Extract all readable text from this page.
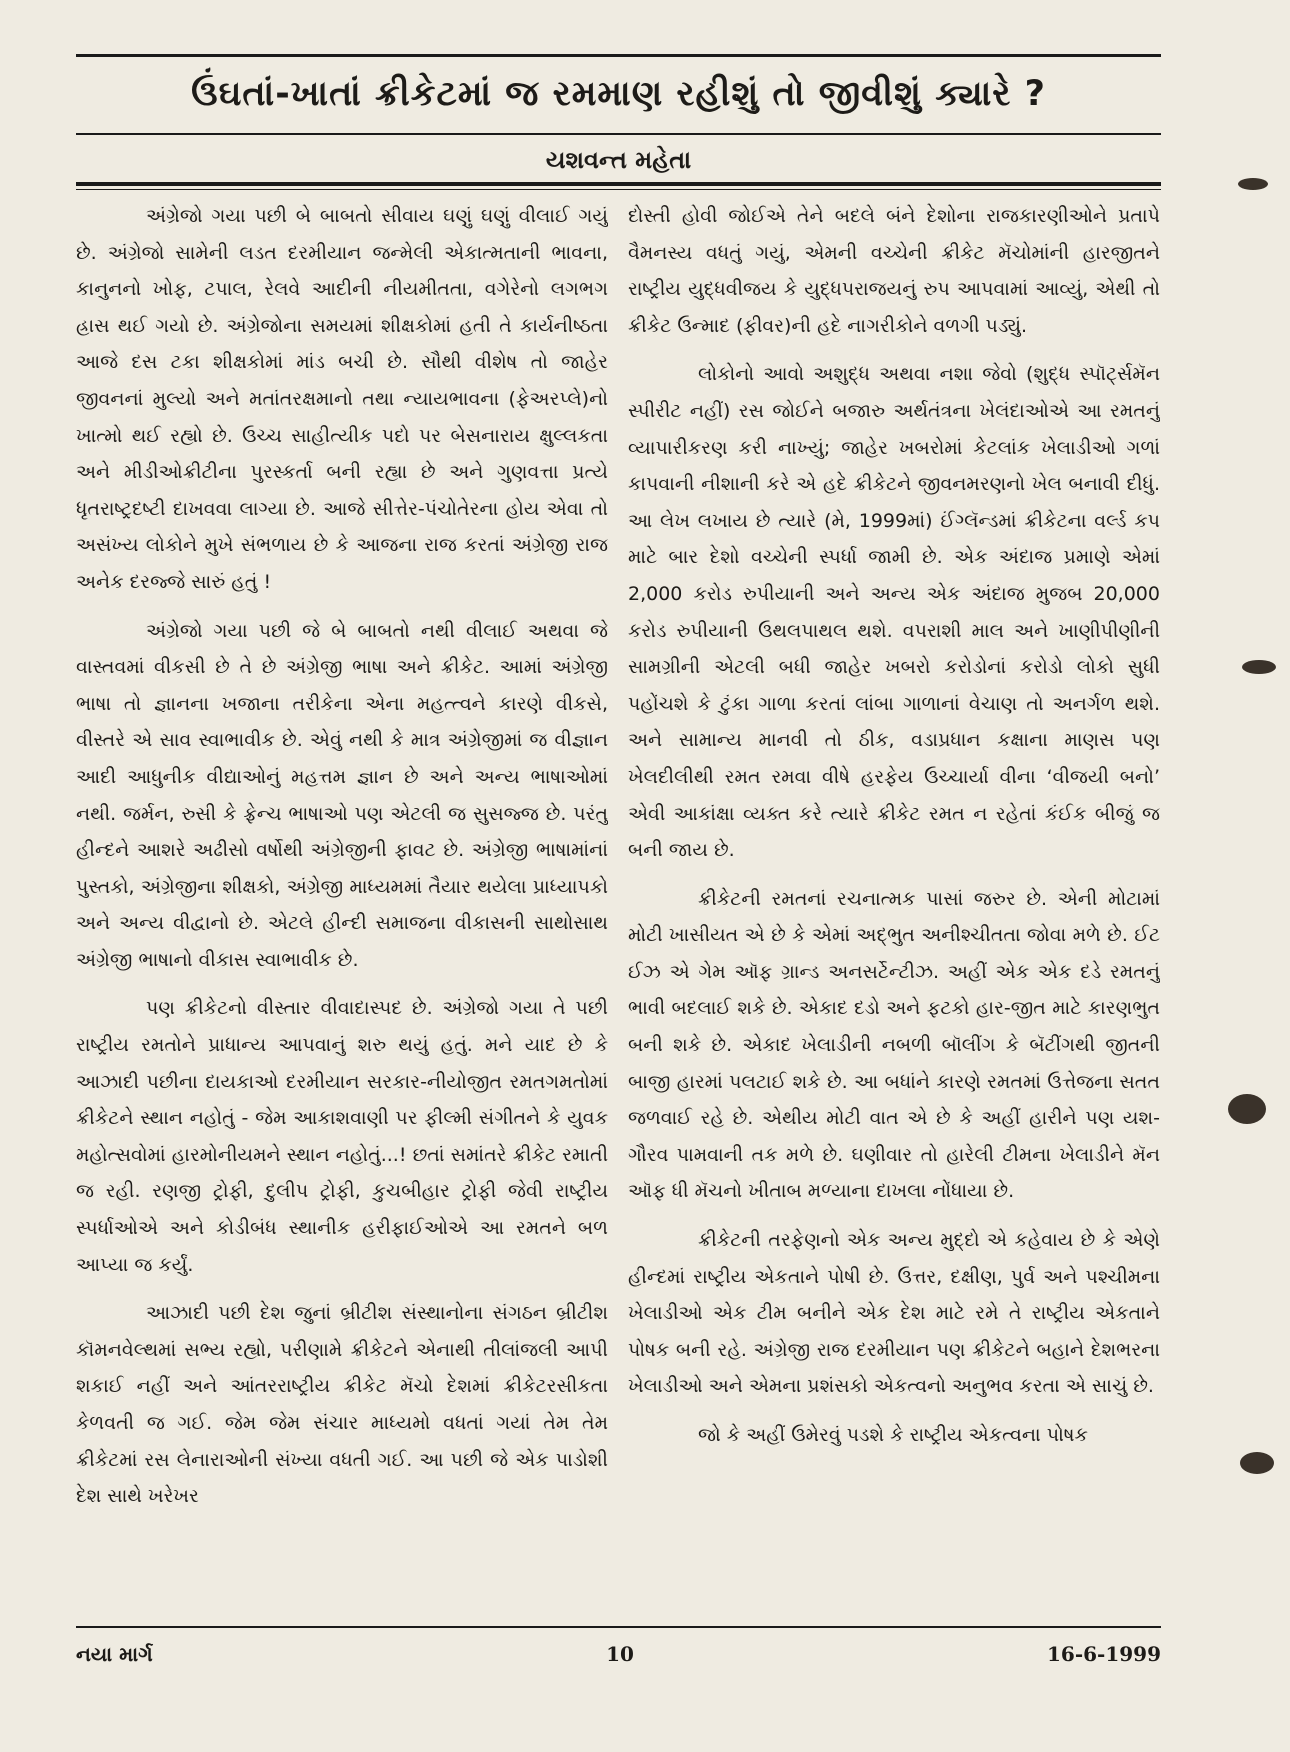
ઉંઘતાં-ખાતાં ક્રીકેટમાં જ રમમાણ રહીશું તો જીવીશું ક્યારે ?
યશવન્ત મહેતા

અંગ્રેજો ગયા પછી બે બાબતો સીવાય ઘણું ઘણું વીલાઈ ગયું છે. અંગ્રેજો સામેની લડત દરમીયાન જન્મેલી એકાત્મતાની ભાવના, કાનુનનો ખોફ, ટપાલ, રેલવે આદીની નીયમીતતા, વગેરેનો લગભગ હ્રાસ થઈ ગયો છે. અંગ્રેજોના સમયમાં શીક્ષકોમાં હતી તે કાર્યનીષ્ઠતા આજે દસ ટકા શીક્ષકોમાં માંડ બચી છે. સૌથી વીશેષ તો જાહેર જીવનનાં મુલ્યો અને મતાંતરક્ષમાનો તથા ન્યાયભાવના (ફેઅરપ્લે)નો ખાત્મો થઈ રહ્યો છે. ઉચ્ચ સાહીત્યીક પદો પર બેસનારાય ક્ષુલ્લકતા અને મીડીઓક્રીટીના પુરસ્કર્તા બની રહ્યા છે અને ગુણવત્તા પ્રત્યે ધૃતરાષ્ટ્રદષ્ટી દાખવવા લાગ્યા છે. આજે સીત્તેર-પંચોતેરના હોય એવા તો અસંખ્ય લોકોને મુખે સંભળાય છે કે આજના રાજ કરતાં અંગ્રેજી રાજ અનેક દરજ્જે સારું હતું !

અંગ્રેજો ગયા પછી જે બે બાબતો નથી વીલાઈ અથવા જે વાસ્તવમાં વીકસી છે તે છે અંગ્રેજી ભાષા અને ક્રીકેટ. આમાં અંગ્રેજી ભાષા તો જ્ઞાનના ખજાના તરીકેના એના મહત્ત્વને કારણે વીકસે, વીસ્તરે એ સાવ સ્વાભાવીક છે. એવું નથી કે માત્ર અંગ્રેજીમાં જ વીજ્ઞાન આદી આધુનીક વીદ્યાઓનું મહત્તમ જ્ઞાન છે અને અન્ય ભાષાઓમાં નથી. જર્મન, રુસી કે ફ્રેન્ચ ભાષાઓ પણ એટલી જ સુસજ્જ છે. પરંતુ હીન્દને આશરે અઢીસો વર્ષોથી અંગ્રેજીની ફાવટ છે. અંગ્રેજી ભાષામાંનાં પુસ્તકો, અંગ્રેજીના શીક્ષકો, અંગ્રેજી માધ્યમમાં તૈયાર થયેલા પ્રાધ્યાપકો અને અન્ય વીદ્વાનો છે. એટલે હીન્દી સમાજના વીકાસની સાથોસાથ અંગ્રેજી ભાષાનો વીકાસ સ્વાભાવીક છે.

પણ ક્રીકેટનો વીસ્તાર વીવાદાસ્પદ છે. અંગ્રેજો ગયા તે પછી રાષ્ટ્રીય રમતોને પ્રાધાન્ય આપવાનું શરુ થયું હતું. મને યાદ છે કે આઝાદી પછીના દાયકાઓ દરમીયાન સરકાર-નીયોજીત રમતગમતોમાં ક્રીકેટને સ્થાન નહોતું - જેમ આકાશવાણી પર ફીલ્મી સંગીતને કે યુવક મહોત્સવોમાં હારમોનીયમને સ્થાન નહોતું...! છતાં સમાંતરે ક્રીકેટ રમાતી જ રહી. રણજી ટ્રોફી, દુલીપ ટ્રોફી, કુચબીહાર ટ્રોફી જેવી રાષ્ટ્રીય સ્પર્ધાઓએ અને કોડીબંધ સ્થાનીક હરીફાઈઓએ આ રમતને બળ આપ્યા જ કર્યું.

આઝાદી પછી દેશ જુનાં બ્રીટીશ સંસ્થાનોના સંગઠન બ્રીટીશ કૉમનવેલ્થમાં સભ્ય રહ્યો, પરીણામે ક્રીકેટને એનાથી તીલાંજલી આપી શકાઈ નહીં અને આંતરરાષ્ટ્રીય ક્રીકેટ મૅચો દેશમાં ક્રીકેટરસીકતા કેળવતી જ ગઈ. જેમ જેમ સંચાર માધ્યમો વધતાં ગયાં તેમ તેમ ક્રીકેટમાં રસ લેનારાઓની સંખ્યા વધતી ગઈ. આ પછી જે એક પાડોશી દેશ સાથે ખરેખર

દોસ્તી હોવી જોઈએ તેને બદલે બંને દેશોના રાજકારણીઓને પ્રતાપે વૈમનસ્ય વધતું ગયું, એમની વચ્ચેની ક્રીકેટ મૅચોમાંની હારજીતને રાષ્ટ્રીય યુદ્ધવીજય કે યુદ્ધપરાજયનું રુપ આપવામાં આવ્યું, એથી તો ક્રીકેટ ઉન્માદ (ફીવર)ની હદે નાગરીકોને વળગી પડ્યું.

લોકોનો આવો અશુદ્ધ અથવા નશા જેવો (શુદ્ધ સ્પૉર્ટ્સમૅન સ્પીરીટ નહીં) રસ જોઈને બજારુ અર્થતંત્રના ખેલંદાઓએ આ રમતનું વ્યાપારીકરણ કરી નાખ્યું; જાહેર ખબરોમાં કેટલાંક ખેલાડીઓ ગળાં કાપવાની નીશાની કરે એ હદે ક્રીકેટને જીવનમરણનો ખેલ બનાવી દીધું. આ લેખ લખાય છે ત્યારે (મે, 1999માં) ઈંગ્લૅન્ડમાં ક્રીકેટના વર્લ્ડ કપ માટે બાર દેશો વચ્ચેની સ્પર્ધા જામી છે. એક અંદાજ પ્રમાણે એમાં 2,000 કરોડ રુપીયાની અને અન્ય એક અંદાજ મુજબ 20,000 કરોડ રુપીયાની ઉથલપાથલ થશે. વપરાશી માલ અને ખાણીપીણીની સામગ્રીની એટલી બધી જાહેર ખબરો કરોડોનાં કરોડો લોકો સુધી પહોંચશે કે ટુંકા ગાળા કરતાં લાંબા ગાળાનાં વેચાણ તો અનર્ગળ થશે. અને સામાન્ય માનવી તો ઠીક, વડાપ્રધાન કક્ષાના માણસ પણ ખેલદીલીથી રમત રમવા વીષે હરફેય ઉચ્ચાર્યા વીના ‘વીજયી બનો’ એવી આકાંક્ષા વ્યક્ત કરે ત્યારે ક્રીકેટ રમત ન રહેતાં કંઈક બીજું જ બની જાય છે.

ક્રીકેટની રમતનાં રચનાત્મક પાસાં જરુર છે. એની મોટામાં મોટી ખાસીયત એ છે કે એમાં અદ્‌ભુત અનીશ્ચીતતા જોવા મળે છે. ઈટ ઈઝ એ ગેમ ઑફ ગ્રાન્ડ અનસર્ટેન્ટીઝ. અહીં એક એક દડે રમતનું ભાવી બદલાઈ શકે છે. એકાદ દડો અને ફટકો હાર-જીત માટે કારણભુત બની શકે છે. એકાદ ખેલાડીની નબળી બૉલીંગ કે બૅટીંગથી જીતની બાજી હારમાં પલટાઈ શકે છે. આ બધાંને કારણે રમતમાં ઉત્તેજના સતત જળવાઈ રહે છે. એથીય મોટી વાત એ છે કે અહીં હારીને પણ યશ-ગૌરવ પામવાની તક મળે છે. ઘણીવાર તો હારેલી ટીમના ખેલાડીને મૅન ઑફ ધી મૅચનો ખીતાબ મળ્યાના દાખલા નોંધાયા છે.

ક્રીકેટની તરફેણનો એક અન્ય મુદ્દો એ કહેવાય છે કે એણે હીન્દમાં રાષ્ટ્રીય એકતાને પોષી છે. ઉત્તર, દક્ષીણ, પુર્વ અને પશ્ચીમના ખેલાડીઓ એક ટીમ બનીને એક દેશ માટે રમે તે રાષ્ટ્રીય એકતાને પોષક બની રહે. અંગ્રેજી રાજ દરમીયાન પણ ક્રીકેટને બહાને દેશભરના ખેલાડીઓ અને એમના પ્રશંસકો એકત્વનો અનુભવ કરતા એ સાચું છે.

જો કે અહીં ઉમેરવું પડશે કે રાષ્ટ્રીય એકત્વના પોષક

નયા માર્ગ	10	16-6-1999
